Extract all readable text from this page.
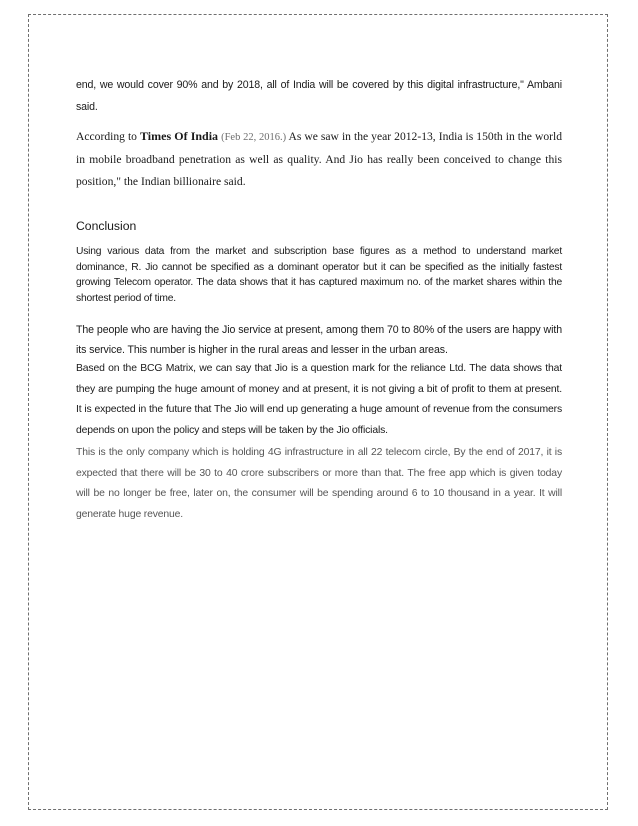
end, we would cover 90% and by 2018, all of India will be covered by this digital infrastructure," Ambani said.

According to Times Of India (Feb 22, 2016.) As we saw in the year 2012-13, India is 150th in the world in mobile broadband penetration as well as quality. And Jio has really been conceived to change this position," the Indian billionaire said.

Conclusion

Using various data from the market and subscription base figures as a method to understand market dominance, R. Jio cannot be specified as a dominant operator but it can be specified as the initially fastest growing Telecom operator. The data shows that it has captured maximum no. of the market shares within the shortest period of time.

The people who are having the Jio service at present, among them 70 to 80% of the users are happy with its service. This number is higher in the rural areas and lesser in the urban areas.

Based on the BCG Matrix, we can say that Jio is a question mark for the reliance Ltd. The data shows that they are pumping the huge amount of money and at present, it is not giving a bit of profit to them at present. It is expected in the future that The Jio will end up generating a huge amount of revenue from the consumers depends on upon the policy and steps will be taken by the Jio officials.

This is the only company which is holding 4G infrastructure in all 22 telecom circle, By the end of 2017, it is expected that there will be 30 to 40 crore subscribers or more than that. The free app which is given today will be no longer be free, later on, the consumer will be spending around 6 to 10 thousand in a year. It will generate huge revenue.
